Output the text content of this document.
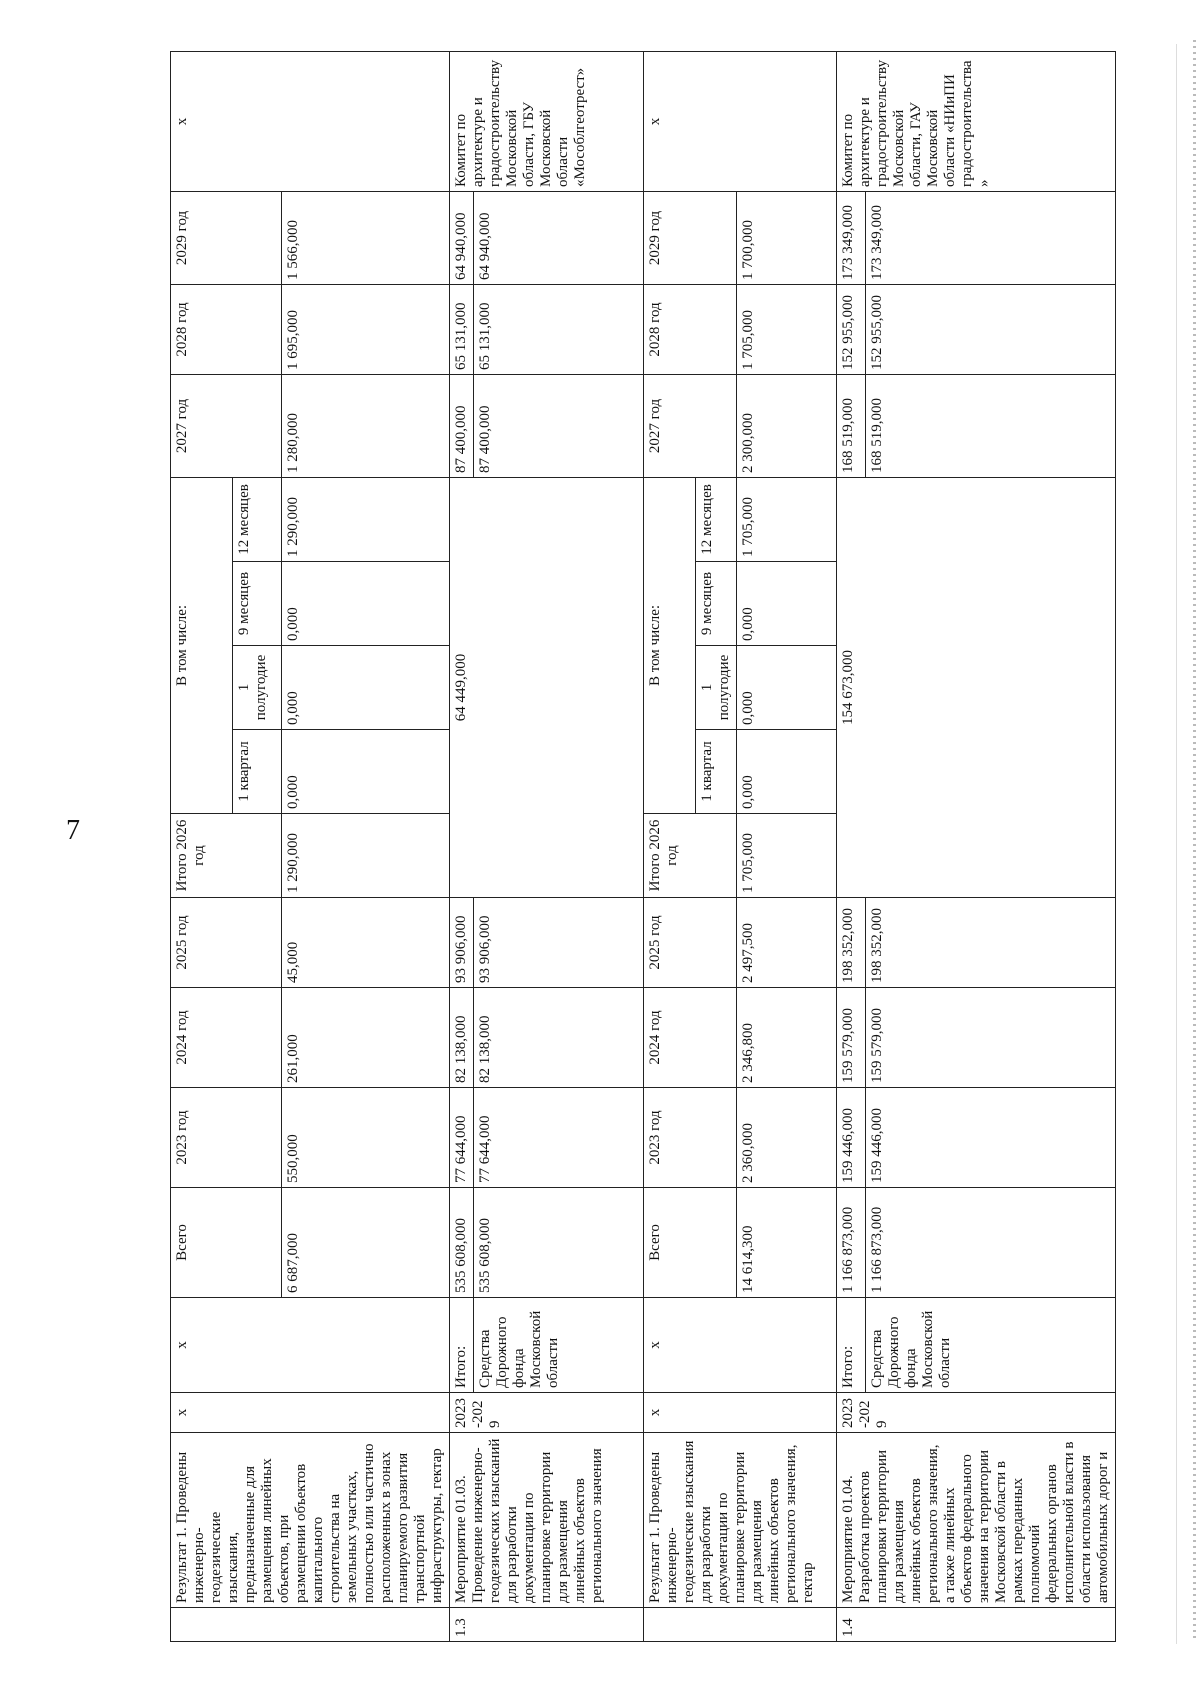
7
	Результат 1. Проведены инженерно-геодезические изыскания, предназначенные для размещения линейных объектов, при размещении объектов капитального строительства на земельных участках, полностью или частично расположенных в зонах планируемого развития транспортной инфраструктуры, гектар	х	х	Всего	2023 год	2024 год	2025 год	Итого 2026 год	В том числе:				2027 год	2028 год	2029 год	х
									1 квартал	1 полугодие	9 месяцев	12 месяцев				
				6 687,000	550,000	261,000	45,000	1 290,000	0,000	0,000	0,000	1 290,000	1 280,000	1 695,000	1 566,000	
1.3	Мероприятие 01.03. Проведение инженерно-геодезических изысканий для разработки документации по планировке территории для размещения линейных объектов регионального значения	2023-2029	Итого:	535 608,000	77 644,000	82 138,000	93 906,000	64 449,000					87 400,000	65 131,000	64 940,000	Комитет по архитектуре и градостроительству Московской области, ГБУ Московской области «Мособлгеотрест»
			Средства Дорожного фонда Московской области	535 608,000	77 644,000	82 138,000	93 906,000						87 400,000	65 131,000	64 940,000	
	Результат 1. Проведены инженерно-геодезические изыскания для разработки документации по планировке территории для размещения линейных объектов регионального значения, гектар	х	х	Всего	2023 год	2024 год	2025 год	Итого 2026 год	В том числе:				2027 год	2028 год	2029 год	х
									1 квартал	1 полугодие	9 месяцев	12 месяцев				
				14 614,300	2 360,000	2 346,800	2 497,500	1 705,000	0,000	0,000	0,000	1 705,000	2 300,000	1 705,000	1 700,000	
1.4	Мероприятие 01.04. Разработка проектов планировки территории для размещения линейных объектов регионального значения, а также линейных объектов федерального значения на территории Московской области в рамках переданных полномочий федеральных органов исполнительной власти в области использования автомобильных дорог и	2023-2029	Итого:	1 166 873,000	159 446,000	159 579,000	198 352,000	154 673,000					168 519,000	152 955,000	173 349,000	Комитет по архитектуре и градостроительству Московской области, ГАУ Московской области «НИиПИ градостроительства»
			Средства Дорожного фонда Московской области	1 166 873,000	159 446,000	159 579,000	198 352,000						168 519,000	152 955,000	173 349,000	
